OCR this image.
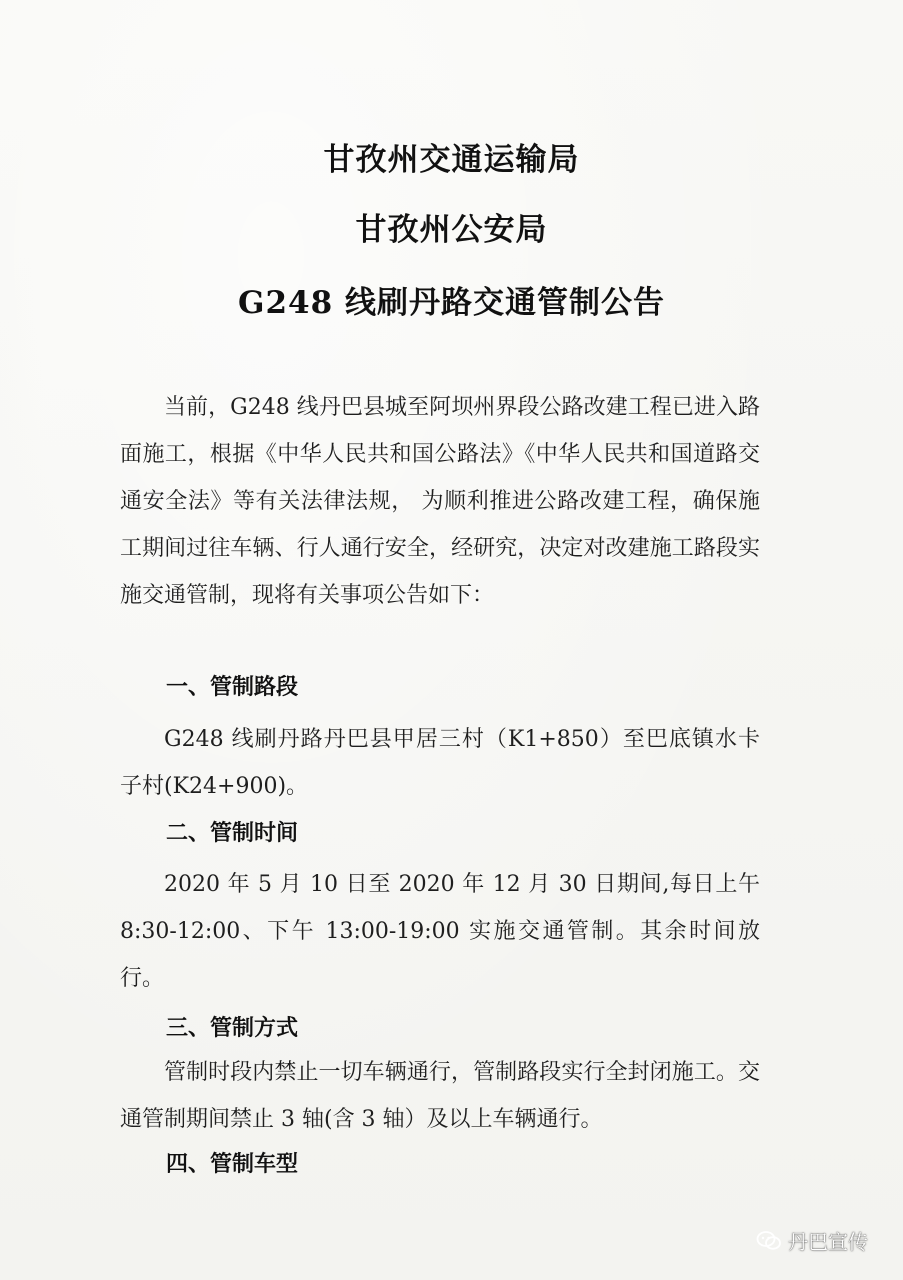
甘孜州交通运输局
甘孜州公安局
G248 线刷丹路交通管制公告
当前，G248 线丹巴县城至阿坝州界段公路改建工程已进入路面施工，根据《中华人民共和国公路法》《中华人民共和国道路交通安全法》等有关法律法规， 为顺利推进公路改建工程，确保施工期间过往车辆、行人通行安全，经研究，决定对改建施工路段实施交通管制，现将有关事项公告如下：
一、管制路段
G248 线刷丹路丹巴县甲居三村（K1+850）至巴底镇水卡子村(K24+900)。
二、管制时间
2020 年 5 月 10 日至 2020 年 12 月 30 日期间,每日上午 8:30-12:00、下午 13:00-19:00 实施交通管制。其余时间放行。
三、管制方式
管制时段内禁止一切车辆通行，管制路段实行全封闭施工。交通管制期间禁止 3 轴(含 3 轴）及以上车辆通行。
四、管制车型
丹巴宣传
